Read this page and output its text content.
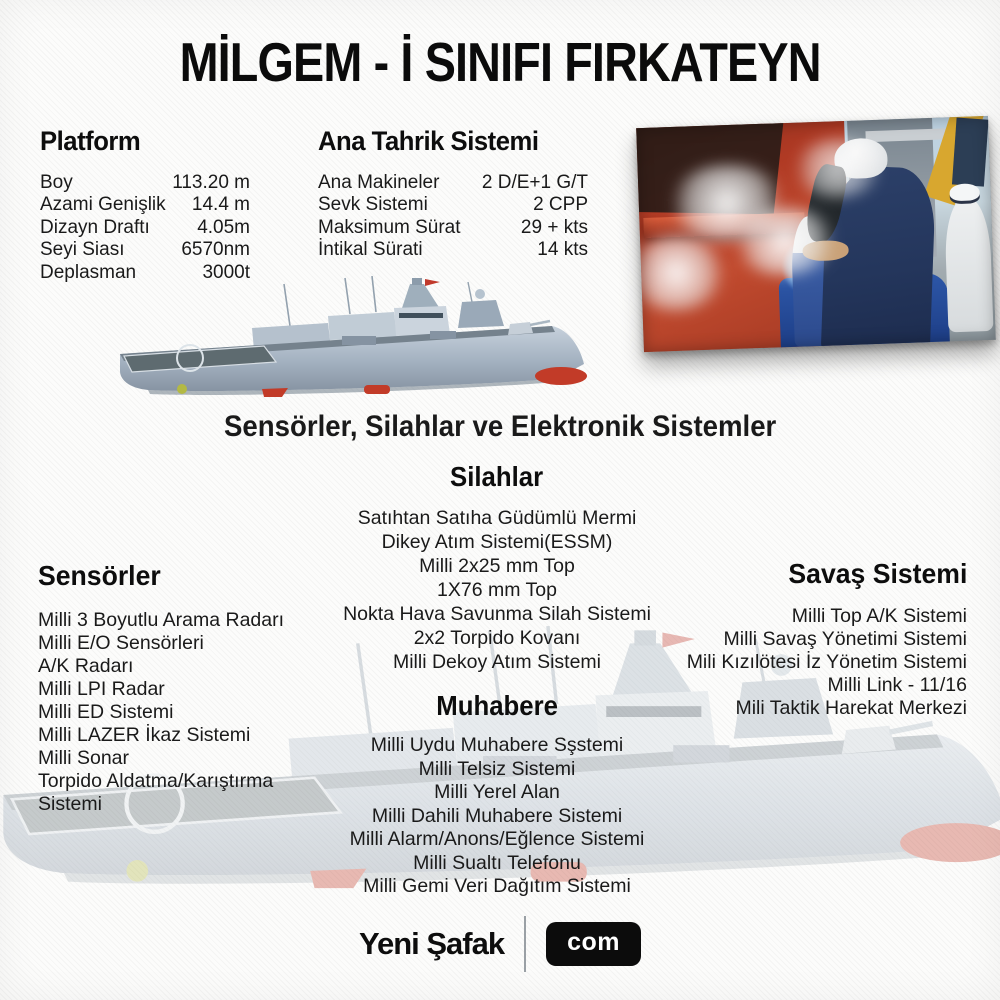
MİLGEM - İ SINIFI FIRKATEYN
Platform
Boy	113.20 m
Azami Genişlik 14.4 m
Dizayn Draftı 4.05m
Seyi Siası	6570nm
Deplasman	3000t
Ana Tahrik Sistemi
Ana Makineler 2 D/E+1 G/T
Sevk Sistemi	2 CPP
Maksimum Sürat	29 + kts
İntikal Sürati	14 kts
Sensörler, Silahlar ve Elektronik Sistemler
Silahlar
Satıhtan Satıha Güdümlü Mermi
Dikey Atım Sistemi(ESSM)
Milli 2x25 mm Top
1X76 mm Top
Nokta Hava Savunma Silah Sistemi
2x2 Torpido Kovanı
Milli Dekoy Atım Sistemi
Sensörler
Milli 3 Boyutlu Arama Radarı
Milli E/O Sensörleri
A/K Radarı
Milli LPI Radar
Milli ED Sistemi
Milli LAZER İkaz Sistemi
Milli Sonar
Torpido Aldatma/Karıştırma Sistemi
Savaş Sistemi
Milli Top A/K Sistemi
Milli Savaş Yönetimi Sistemi
Mili Kızılötesi İz Yönetim Sistemi
Milli Link - 11/16
Mili Taktik Harekat Merkezi
Muhabere
Milli Uydu Muhabere Sşstemi
Milli Telsiz Sistemi
Milli Yerel Alan
Milli Dahili Muhabere Sistemi
Milli Alarm/Anons/Eğlence Sistemi
Milli Sualtı Telefonu
Milli Gemi Veri Dağıtım Sistemi
Yeni Şafak	com
